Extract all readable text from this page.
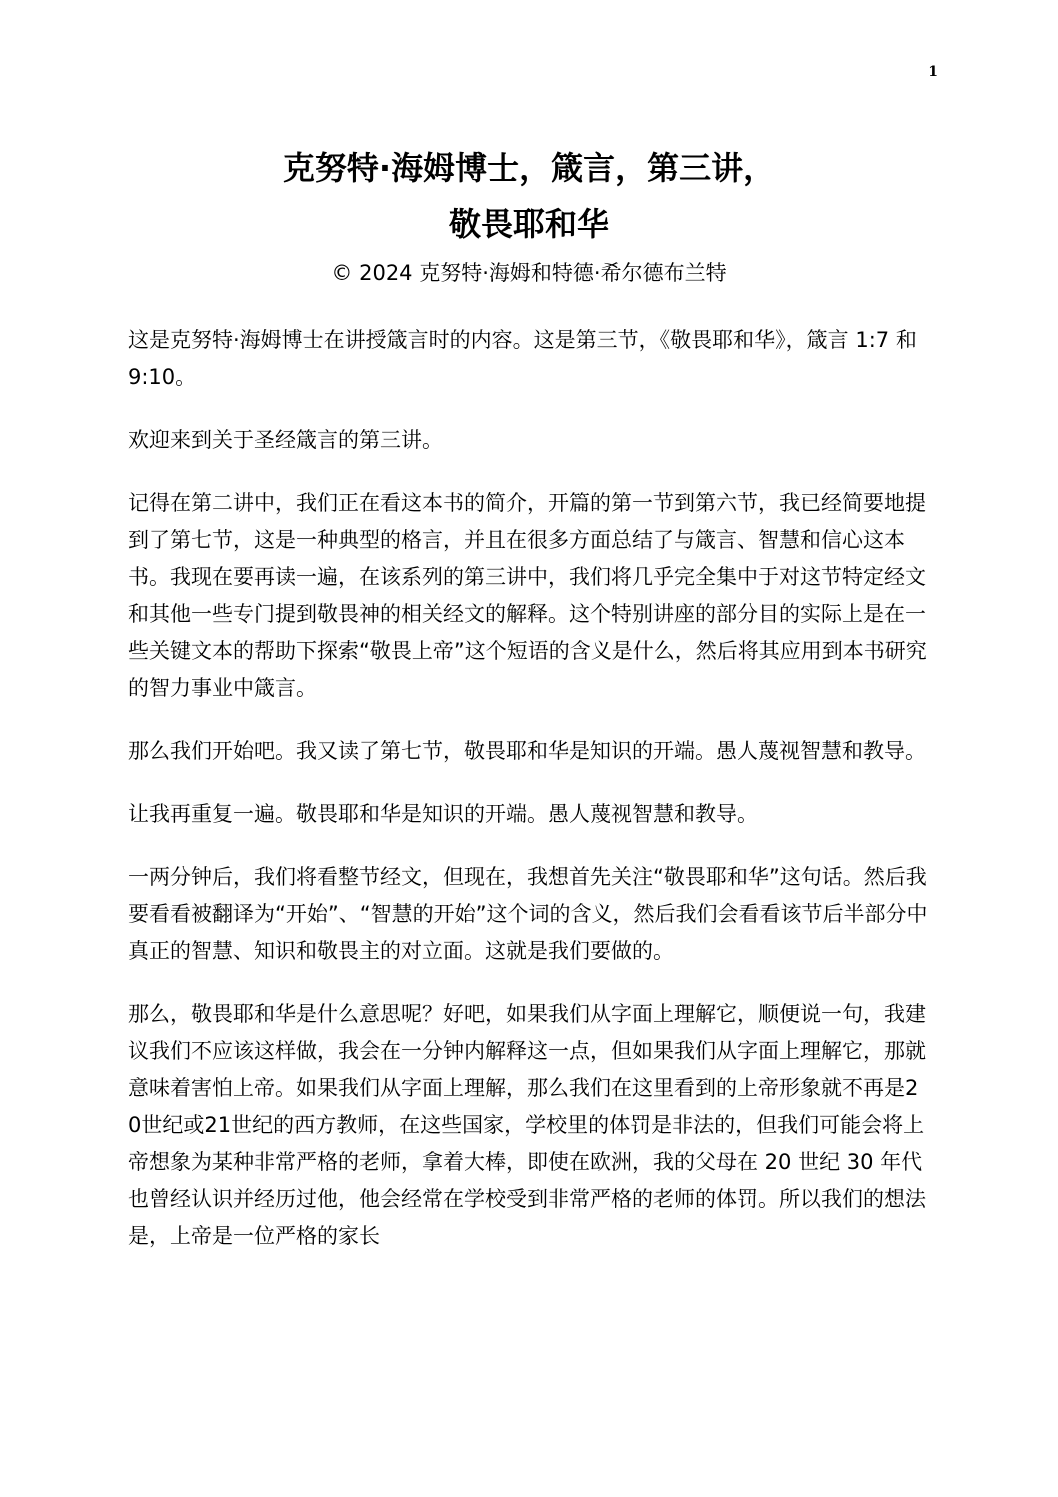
1
克努特·海姆博士，箴言，第三讲，
敬畏耶和华

© 2024 克努特·海姆和特德·希尔德布兰特

这是克努特·海姆博士在讲授箴言时的内容。这是第三节，《敬畏耶和华》，箴言 1:7 和 9:10。

欢迎来到关于圣经箴言的第三讲。

记得在第二讲中，我们正在看这本书的简介，开篇的第一节到第六节，我已经简要地提到了第七节，这是一种典型的格言，并且在很多方面总结了与箴言、智慧和信心这本书。我现在要再读一遍，在该系列的第三讲中，我们将几乎完全集中于对这节特定经文和其他一些专门提到敬畏神的相关经文的解释。这个特别讲座的部分目的实际上是在一些关键文本的帮助下探索“敬畏上帝”这个短语的含义是什么，然后将其应用到本书研究的智力事业中箴言。

那么我们开始吧。我又读了第七节，敬畏耶和华是知识的开端。愚人蔑视智慧和教导。

让我再重复一遍。敬畏耶和华是知识的开端。愚人蔑视智慧和教导。

一两分钟后，我们将看整节经文，但现在，我想首先关注“敬畏耶和华”这句话。然后我要看看被翻译为“开始”、“智慧的开始”这个词的含义，然后我们会看看该节后半部分中真正的智慧、知识和敬畏主的对立面。这就是我们要做的。

那么，敬畏耶和华是什么意思呢？好吧，如果我们从字面上理解它，顺便说一句，我建议我们不应该这样做，我会在一分钟内解释这一点，但如果我们从字面上理解它，那就意味着害怕上帝。如果我们从字面上理解，那么我们在这里看到的上帝形象就不再是20世纪或21世纪的西方教师，在这些国家，学校里的体罚是非法的，但我们可能会将上帝想象为某种非常严格的老师，拿着大棒，即使在欧洲，我的父母在 20 世纪 30 年代也曾经认识并经历过他，他会经常在学校受到非常严格的老师的体罚。所以我们的想法是，上帝是一位严格的家长
